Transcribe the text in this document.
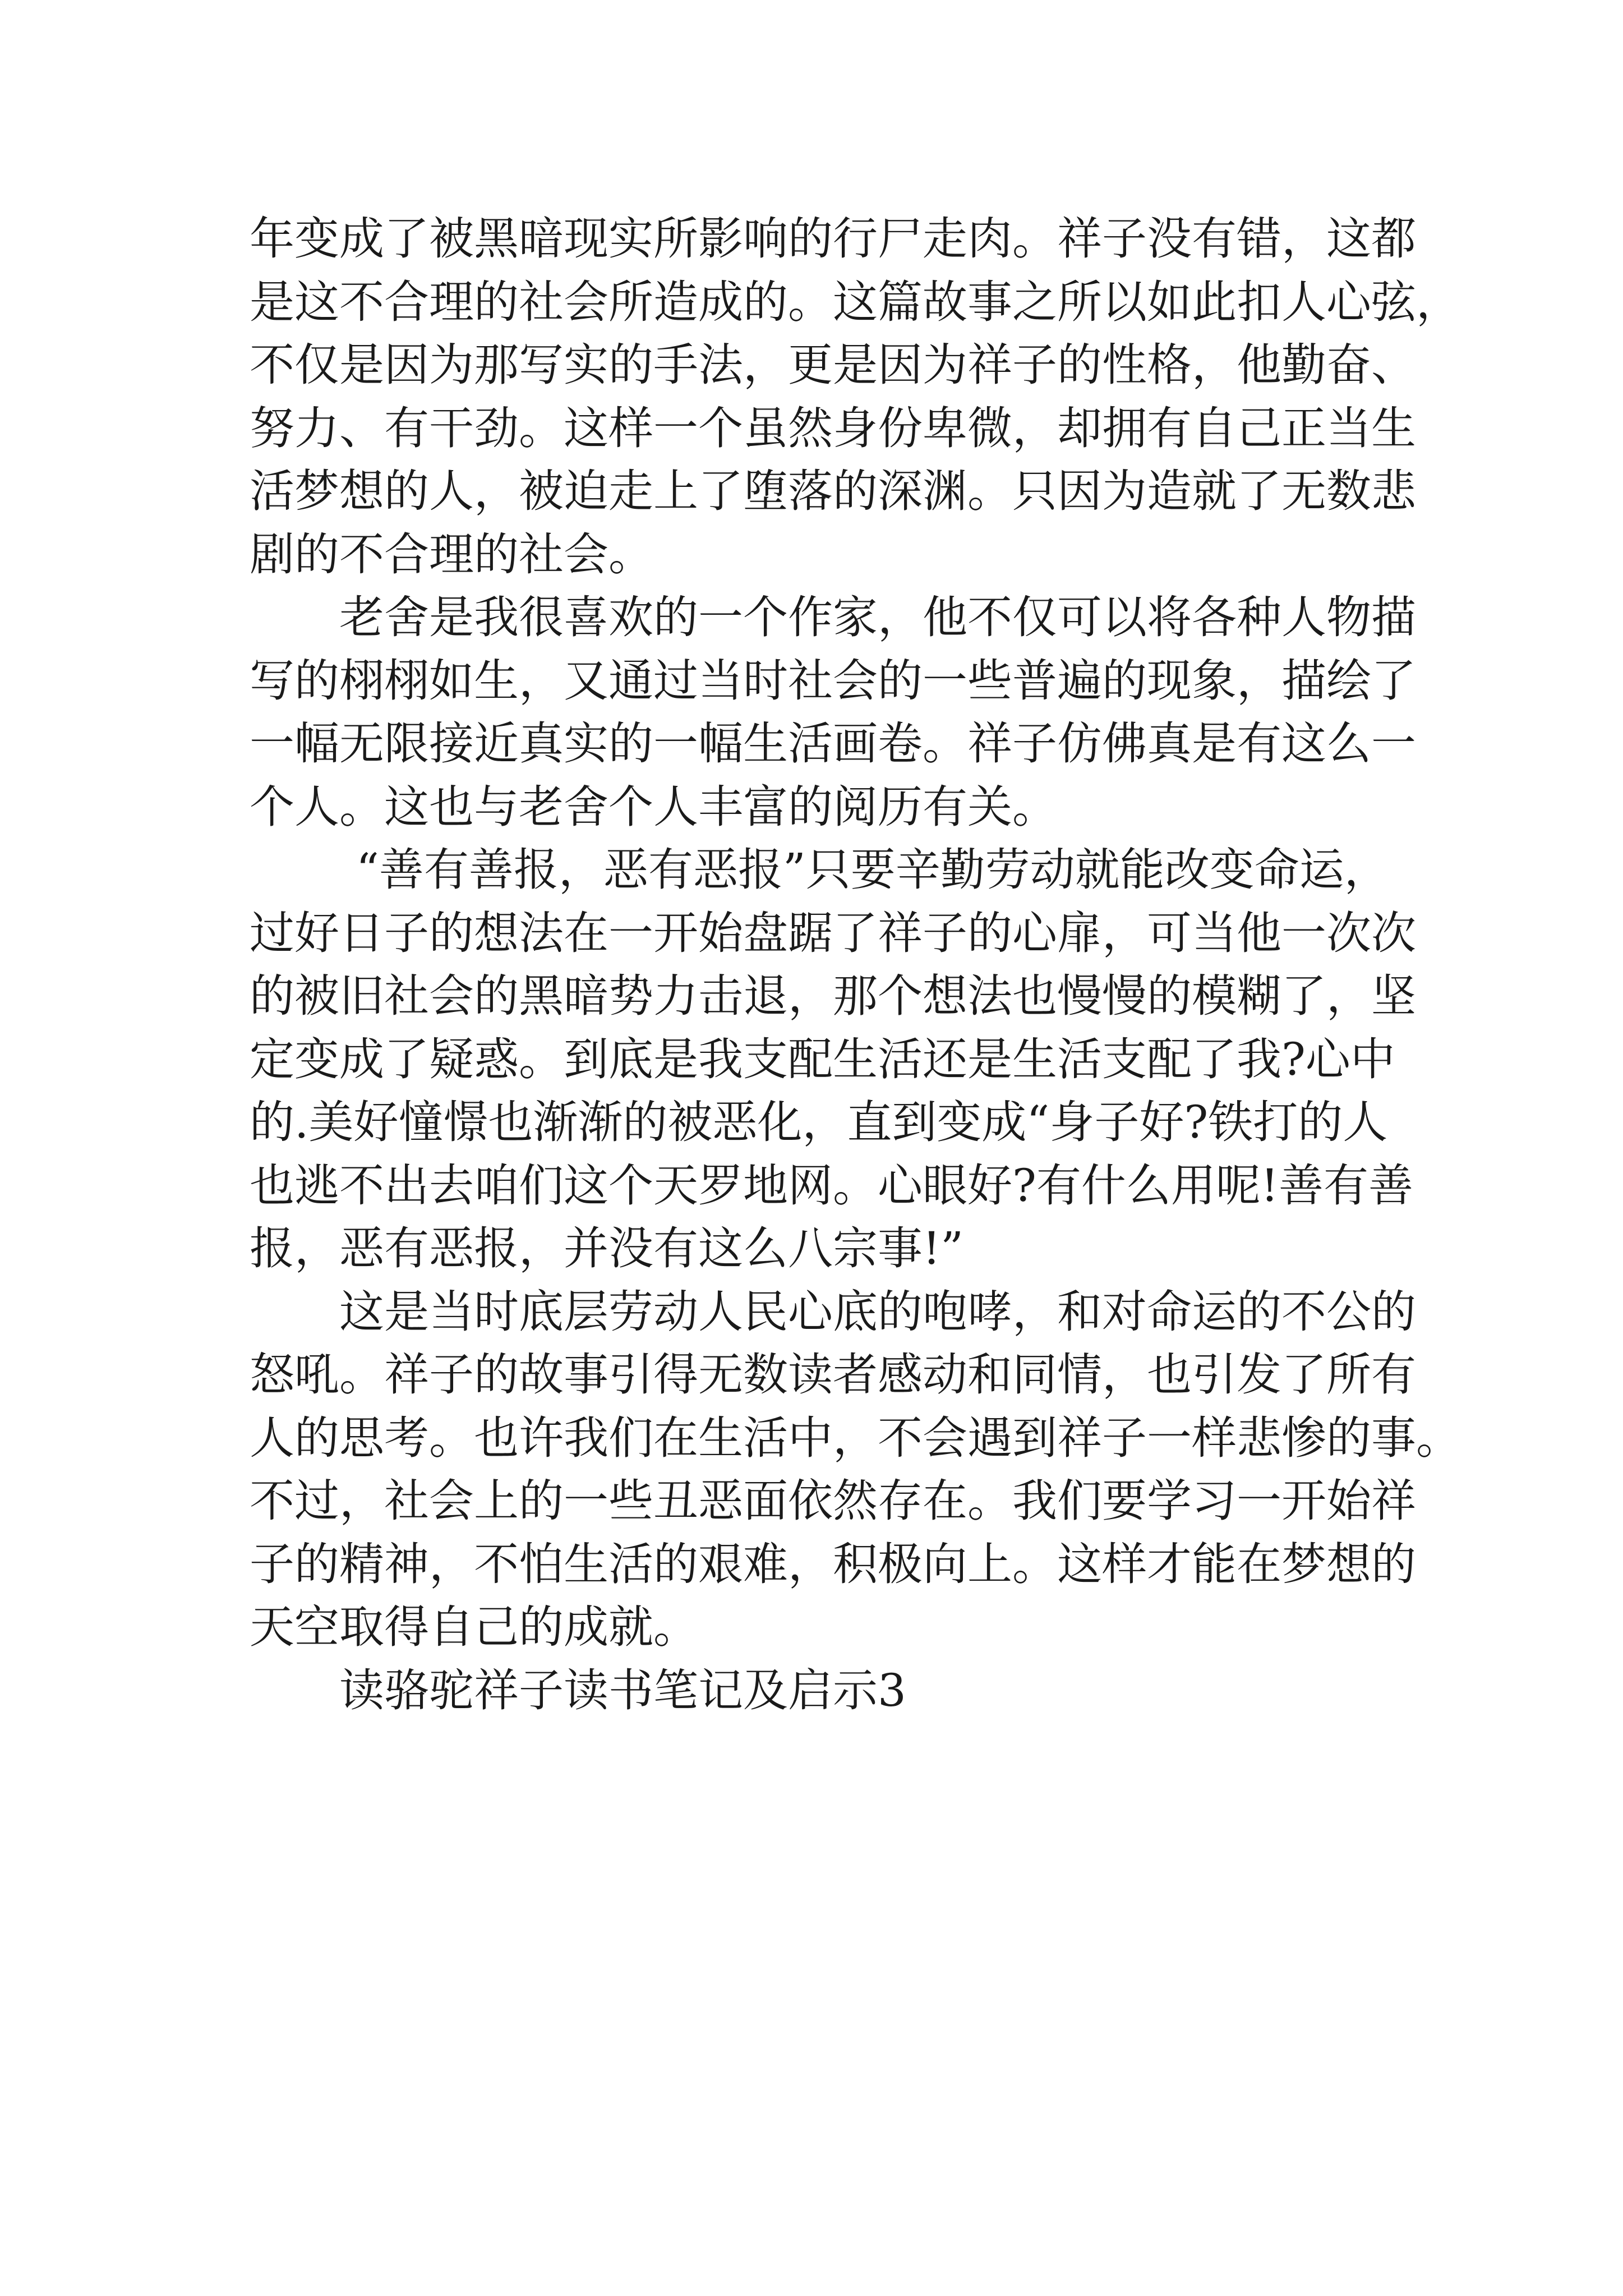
年变成了被黑暗现实所影响的行尸走肉。祥子没有错，这都
是这不合理的社会所造成的。这篇故事之所以如此扣人心弦，
不仅是因为那写实的手法，更是因为祥子的性格，他勤奋、
努力、有干劲。这样一个虽然身份卑微，却拥有自己正当生
活梦想的人，被迫走上了堕落的深渊。只因为造就了无数悲
剧的不合理的社会。
老舍是我很喜欢的一个作家，他不仅可以将各种人物描
写的栩栩如生，又通过当时社会的一些普遍的现象，描绘了
一幅无限接近真实的一幅生活画卷。祥子仿佛真是有这么一
个人。这也与老舍个人丰富的阅历有关。
“善有善报，恶有恶报”只要辛勤劳动就能改变命运，
过好日子的想法在一开始盘踞了祥子的心扉，可当他一次次
的被旧社会的黑暗势力击退，那个想法也慢慢的模糊了，坚
定变成了疑惑。到底是我支配生活还是生活支配了我?心中
的.美好憧憬也渐渐的被恶化，直到变成“身子好?铁打的人
也逃不出去咱们这个天罗地网。心眼好?有什么用呢!善有善
报，恶有恶报，并没有这么八宗事!”
这是当时底层劳动人民心底的咆哮，和对命运的不公的
怒吼。祥子的故事引得无数读者感动和同情，也引发了所有
人的思考。也许我们在生活中，不会遇到祥子一样悲惨的事。
不过，社会上的一些丑恶面依然存在。我们要学习一开始祥
子的精神，不怕生活的艰难，积极向上。这样才能在梦想的
天空取得自己的成就。
读骆驼祥子读书笔记及启示3
